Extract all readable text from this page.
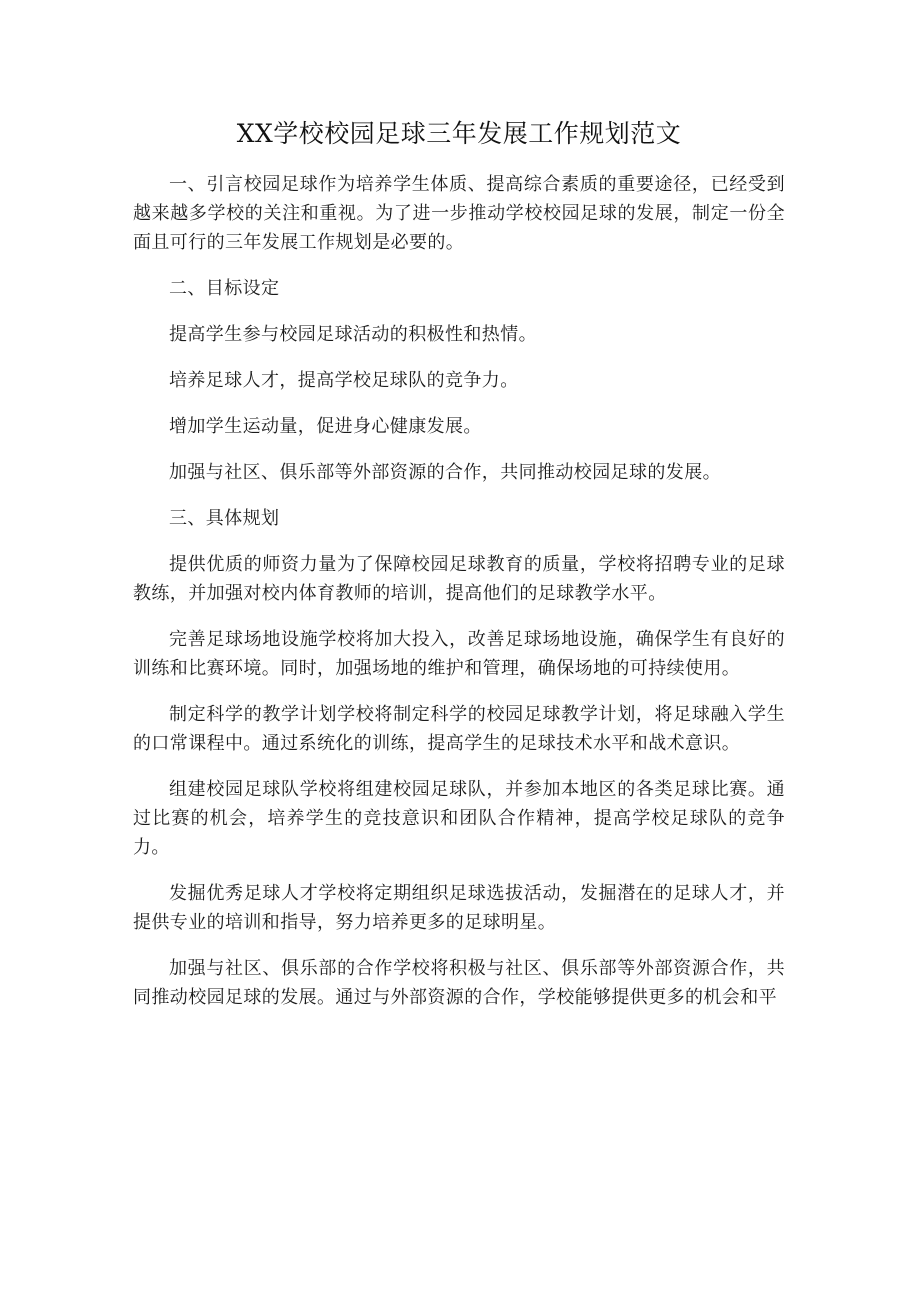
XX学校校园足球三年发展工作规划范文

一、引言校园足球作为培养学生体质、提高综合素质的重要途径，已经受到越来越多学校的关注和重视。为了进一步推动学校校园足球的发展，制定一份全面且可行的三年发展工作规划是必要的。

二、目标设定

提高学生参与校园足球活动的积极性和热情。

培养足球人才，提高学校足球队的竞争力。

增加学生运动量，促进身心健康发展。

加强与社区、俱乐部等外部资源的合作，共同推动校园足球的发展。

三、具体规划

提供优质的师资力量为了保障校园足球教育的质量，学校将招聘专业的足球教练，并加强对校内体育教师的培训，提高他们的足球教学水平。

完善足球场地设施学校将加大投入，改善足球场地设施，确保学生有良好的训练和比赛环境。同时，加强场地的维护和管理，确保场地的可持续使用。

制定科学的教学计划学校将制定科学的校园足球教学计划，将足球融入学生的口常课程中。通过系统化的训练，提高学生的足球技术水平和战术意识。

组建校园足球队学校将组建校园足球队，并参加本地区的各类足球比赛。通过比赛的机会，培养学生的竞技意识和团队合作精神，提高学校足球队的竞争力。

发掘优秀足球人才学校将定期组织足球选拔活动，发掘潜在的足球人才，并提供专业的培训和指导，努力培养更多的足球明星。

加强与社区、俱乐部的合作学校将积极与社区、俱乐部等外部资源合作，共同推动校园足球的发展。通过与外部资源的合作，学校能够提供更多的机会和平
